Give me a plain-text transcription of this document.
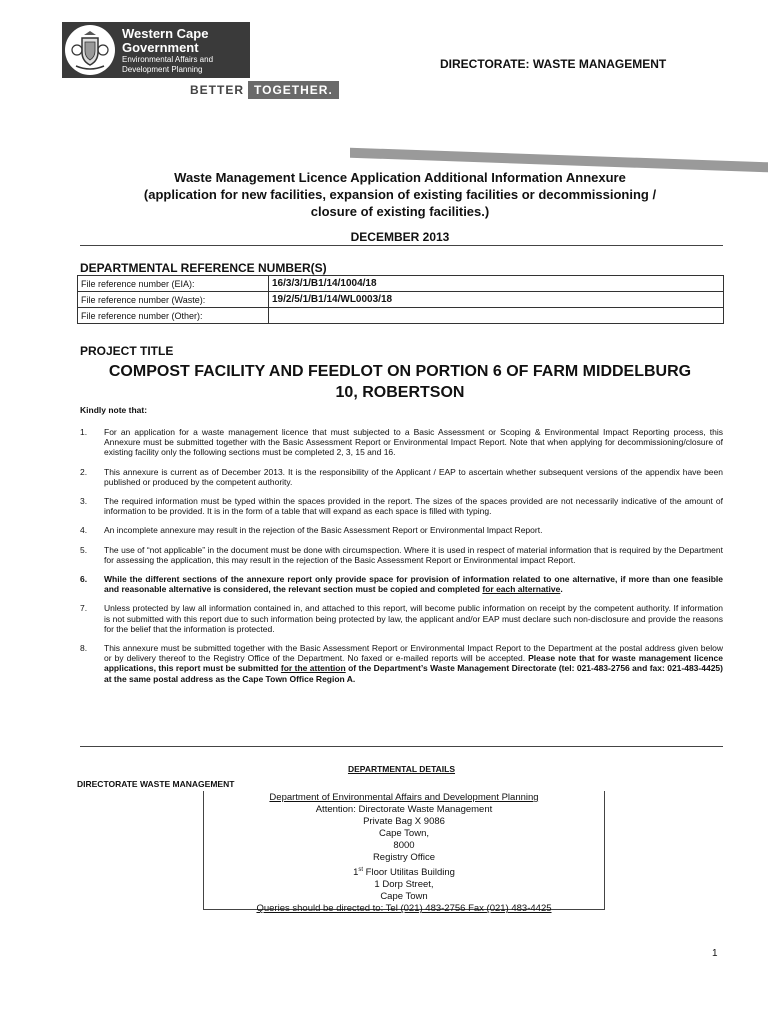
Western Cape Government
Environmental Affairs and Development Planning
BETTER TOGETHER.
DIRECTORATE: WASTE MANAGEMENT
Waste Management Licence Application Additional Information Annexure
(application for new facilities, expansion of existing facilities or decommissioning /
closure of existing facilities.)
DECEMBER 2013
DEPARTMENTAL REFERENCE NUMBER(S)
File reference number (EIA):	16/3/3/1/B1/14/1004/18
File reference number (Waste):	19/2/5/1/B1/14/WL0003/18
File reference number (Other):	
PROJECT TITLE
COMPOST FACILITY AND FEEDLOT ON PORTION 6 OF FARM MIDDELBURG
10, ROBERTSON
Kindly note that:
1. For an application for a waste management licence that must subjected to a Basic Assessment or Scoping & Environmental Impact Reporting process, this Annexure must be submitted together with the Basic Assessment Report or Environmental Impact Report. Note that when applying for decommissioning/closure of existing facility only the following sections must be completed 2, 3, 15 and 16.
2. This annexure is current as of December 2013. It is the responsibility of the Applicant / EAP to ascertain whether subsequent versions of the appendix have been published or produced by the competent authority.
3. The required information must be typed within the spaces provided in the report. The sizes of the spaces provided are not necessarily indicative of the amount of information to be provided. It is in the form of a table that will expand as each space is filled with typing.
4. An incomplete annexure may result in the rejection of the Basic Assessment Report or Environmental Impact Report.
5. The use of “not applicable” in the document must be done with circumspection. Where it is used in respect of material information that is required by the Department for assessing the application, this may result in the rejection of the Basic Assessment Report or Environmental impact Report.
6. While the different sections of the annexure report only provide space for provision of information related to one alternative, if more than one feasible and reasonable alternative is considered, the relevant section must be copied and completed for each alternative.
7. Unless protected by law all information contained in, and attached to this report, will become public information on receipt by the competent authority. If information is not submitted with this report due to such information being protected by law, the applicant and/or EAP must declare such non-disclosure and provide the reasons for the belief that the information is protected.
8. This annexure must be submitted together with the Basic Assessment Report or Environmental Impact Report to the Department at the postal address given below or by delivery thereof to the Registry Office of the Department. No faxed or e-mailed reports will be accepted. Please note that for waste management licence applications, this report must be submitted for the attention of the Department’s Waste Management Directorate (tel: 021-483-2756 and fax: 021-483-4425) at the same postal address as the Cape Town Office Region A.
DEPARTMENTAL DETAILS
DIRECTORATE WASTE MANAGEMENT
Department of Environmental Affairs and Development Planning
Attention: Directorate Waste Management
Private Bag X 9086
Cape Town,
8000
Registry Office
1st Floor Utilitas Building
1 Dorp Street,
Cape Town
Queries should be directed to: Tel (021) 483-2756 Fax (021) 483-4425
1
